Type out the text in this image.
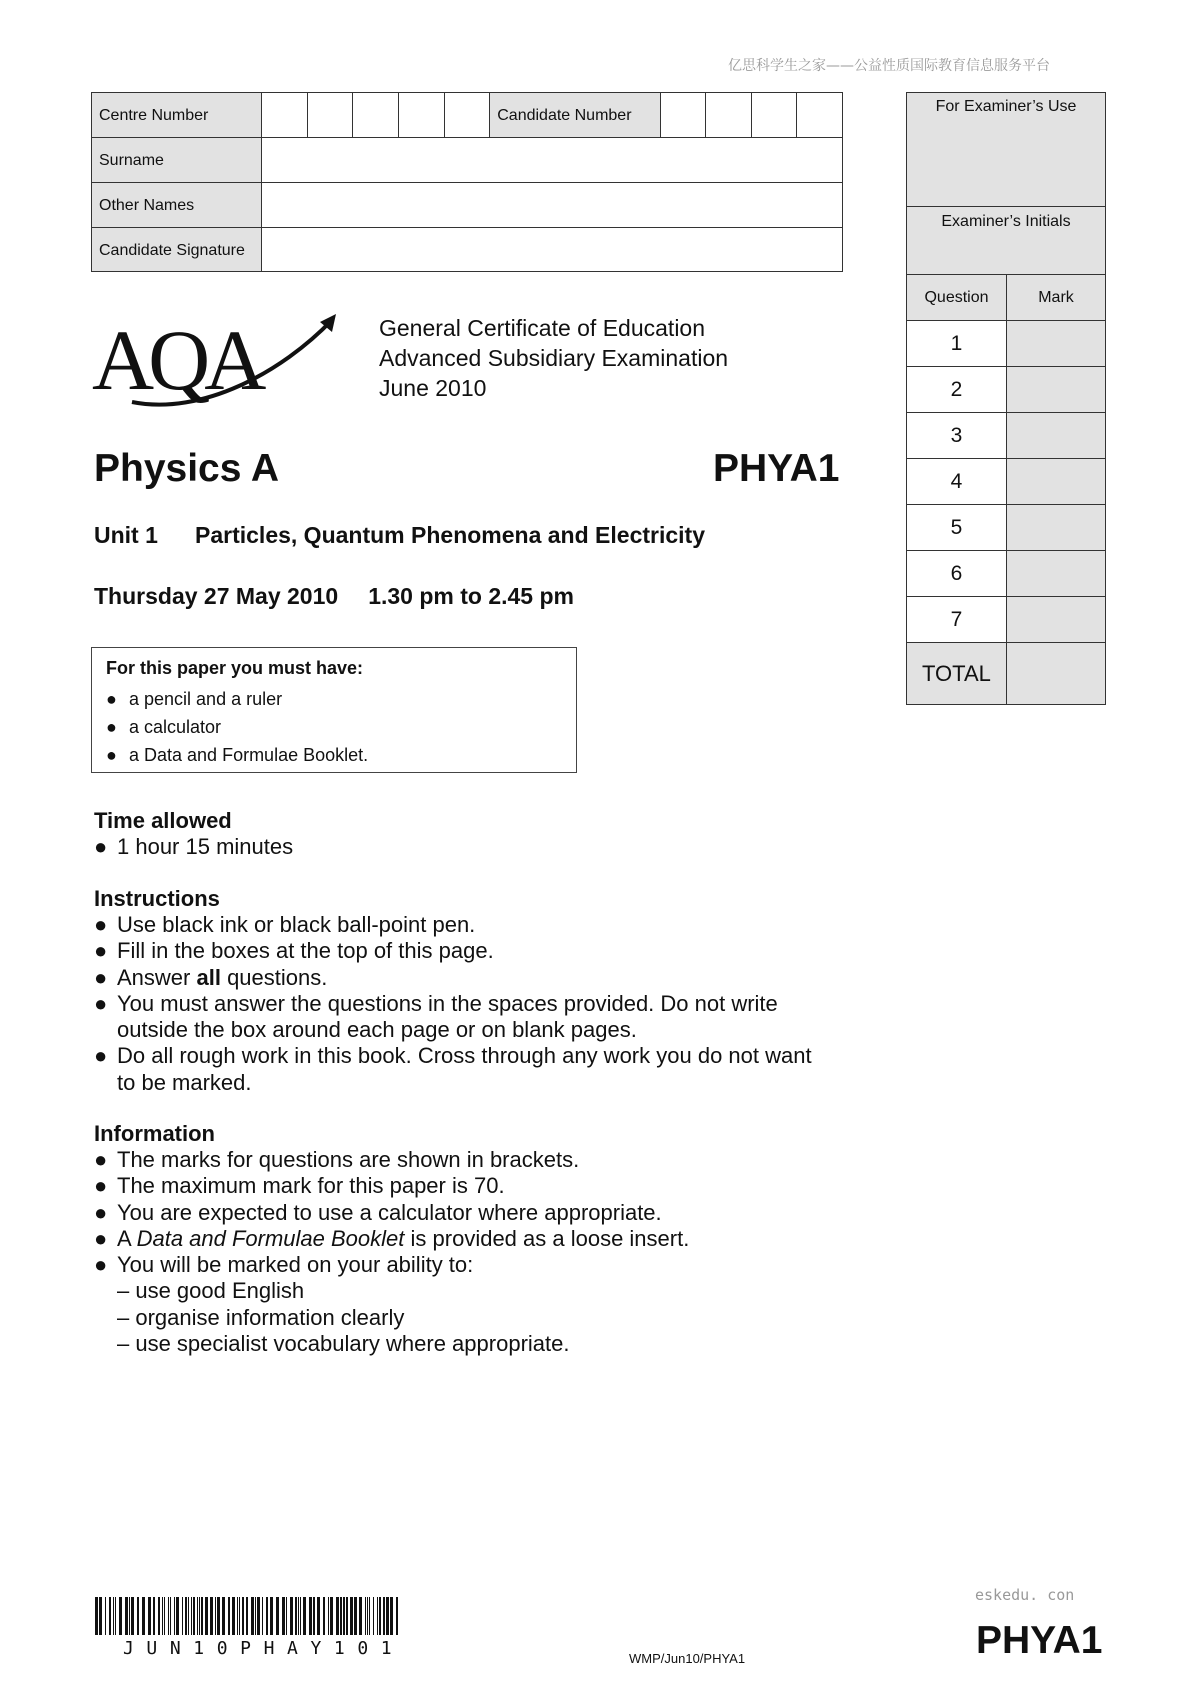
亿思科学生之家——公益性质国际教育信息服务平台
Centre Number						Candidate Number				
Surname										
Other Names										
Candidate Signature										
For Examiner’s Use	
Examiner’s Initials	
Question	Mark
1	
2	
3	
4	
5	
6	
7	
TOTAL	
AQA	General Certificate of Education
Advanced Subsidiary Examination
June 2010
Physics A	PHYA1
Unit 1 Particles, Quantum Phenomena and Electricity
Thursday 27 May 2010 1.30 pm to 2.45 pm
For this paper you must have:
● a pencil and a ruler
● a calculator
● a Data and Formulae Booklet.
Time allowed
● 1 hour 15 minutes
Instructions
● Use black ink or black ball-point pen.
● Fill in the boxes at the top of this page.
● Answer all questions.
● You must answer the questions in the spaces provided. Do not write outside the box around each page or on blank pages.
● Do all rough work in this book. Cross through any work you do not want to be marked.
Information
● The marks for questions are shown in brackets.
● The maximum mark for this paper is 70.
● You are expected to use a calculator where appropriate.
● A Data and Formulae Booklet is provided as a loose insert.
● You will be marked on your ability to:
– use good English
– organise information clearly
– use specialist vocabulary where appropriate.
JUN10PHAY101	WMP/Jun10/PHYA1
eskedu. con
PHYA1
